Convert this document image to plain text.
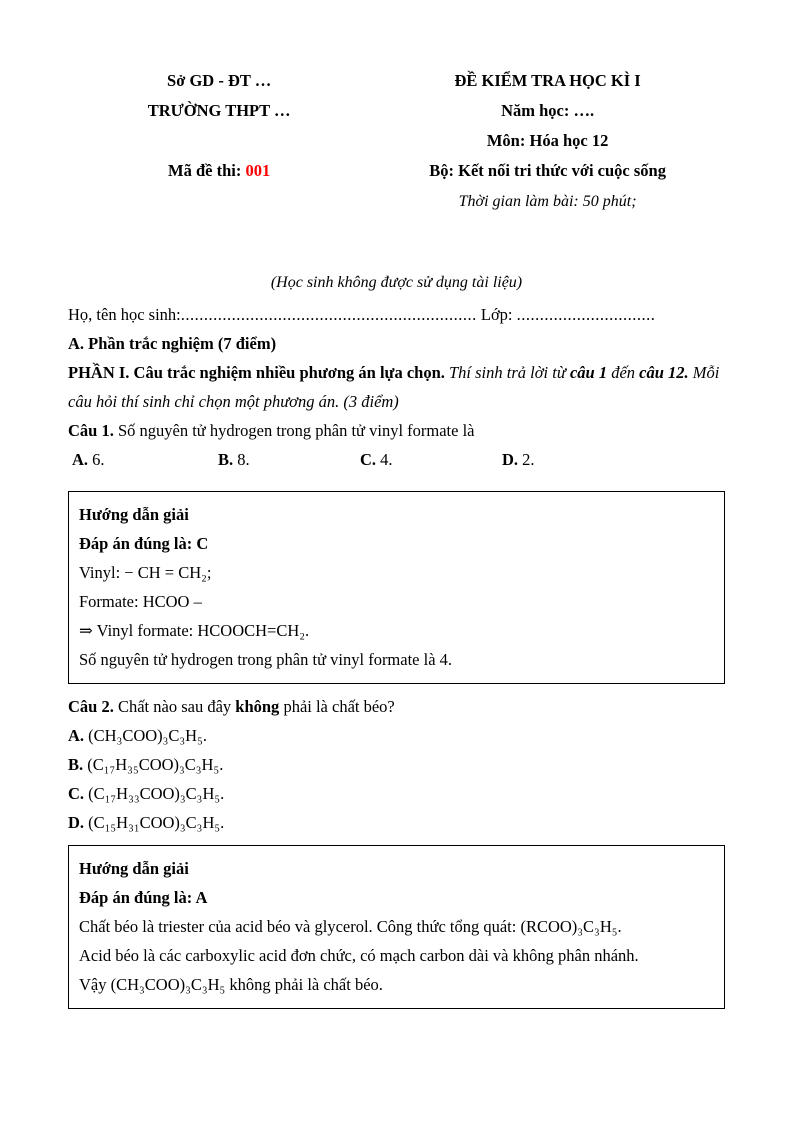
Sở GD - ĐT …	ĐỀ KIỂM TRA HỌC KÌ I
TRƯỜNG THPT …	Năm học: ….

Môn: Hóa học 12
Mã đề thi: 001	Bộ: Kết nối tri thức với cuộc sống

Thời gian làm bài: 50 phút;
(Học sinh không được sử dụng tài liệu)
Họ, tên học sinh:................................................................ Lớp: ..............................
A. Phần trắc nghiệm (7 điểm)
PHẦN I. Câu trắc nghiệm nhiều phương án lựa chọn. Thí sinh trả lời từ câu 1 đến câu 12. Mỗi câu hỏi thí sinh chỉ chọn một phương án. (3 điểm)
Câu 1. Số nguyên tử hydrogen trong phân tử vinyl formate là
A. 6.	B. 8.	C. 4.	D. 2.
Hướng dẫn giải
Đáp án đúng là: C
Vinyl: − CH = CH₂;
Formate: HCOO –
⇒ Vinyl formate: HCOOCH=CH₂.
Số nguyên tử hydrogen trong phân tử vinyl formate là 4.
Câu 2. Chất nào sau đây không phải là chất béo?
A. (CH₃COO)₃C₃H₅.
B. (C₁₇H₃₅COO)₃C₃H₅.
C. (C₁₇H₃₃COO)₃C₃H₅.
D. (C₁₅H₃₁COO)₃C₃H₅.
Hướng dẫn giải
Đáp án đúng là: A
Chất béo là triester của acid béo và glycerol. Công thức tổng quát: (RCOO)₃C₃H₅.
Acid béo là các carboxylic acid đơn chức, có mạch carbon dài và không phân nhánh.
Vậy (CH₃COO)₃C₃H₅ không phải là chất béo.
